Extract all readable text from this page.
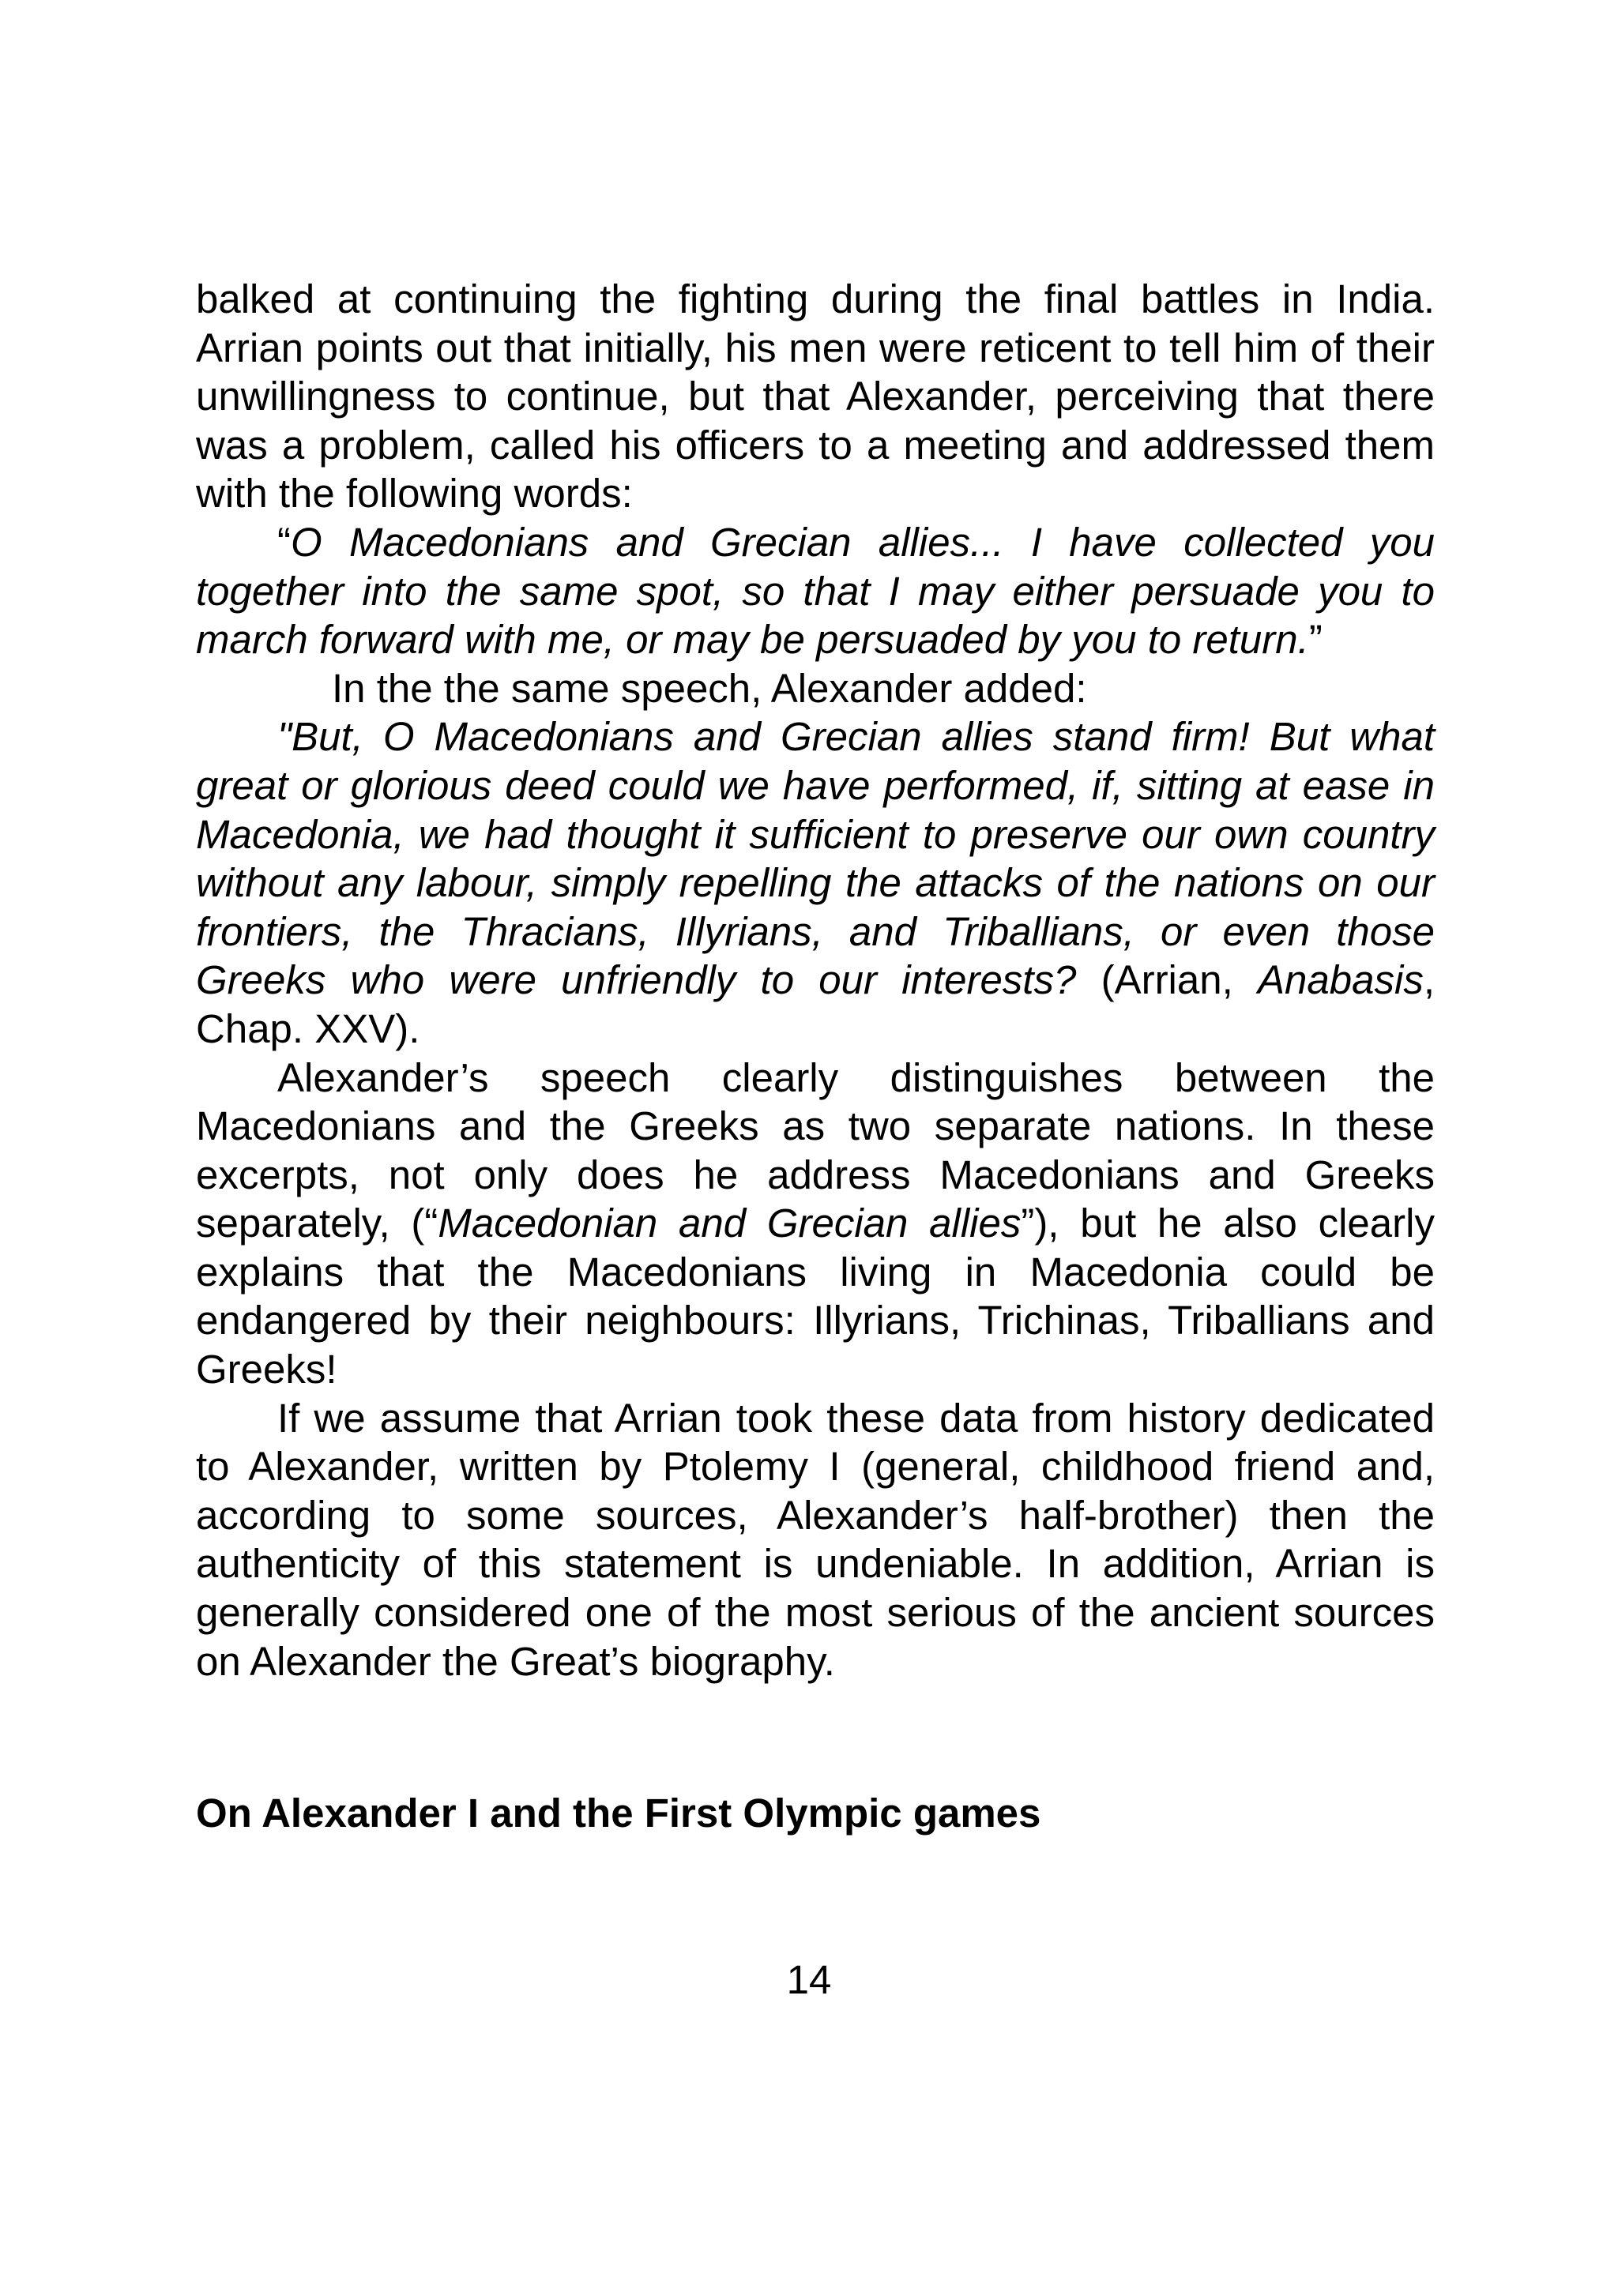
balked at continuing the fighting during the final battles in India. Arrian points out that initially, his men were reticent to tell him of their unwillingness to continue, but that Alexander, perceiving that there was a problem, called his officers to a meeting and addressed them with the following words:

“O Macedonians and Grecian allies... I have collected you together into the same spot, so that I may either persuade you to march forward with me, or may be persuaded by you to return.”

In the the same speech, Alexander added:

"But, O Macedonians and Grecian allies stand firm! But what great or glorious deed could we have performed, if, sitting at ease in Macedonia, we had thought it sufficient to preserve our own country without any labour, simply repelling the attacks of the nations on our frontiers, the Thracians, Illyrians, and Triballians, or even those Greeks who were unfriendly to our interests? (Arrian, Anabasis, Chap. XXV).

Alexander’s speech clearly distinguishes between the Macedonians and the Greeks as two separate nations. In these excerpts, not only does he address Macedonians and Greeks separately, (“Macedonian and Grecian allies”), but he also clearly explains that the Macedonians living in Macedonia could be endangered by their neighbours: Illyrians, Trichinas, Triballians and Greeks!

If we assume that Arrian took these data from history dedicated to Alexander, written by Ptolemy I (general, childhood friend and, according to some sources, Alexander’s half-brother) then the authenticity of this statement is undeniable. In addition, Arrian is generally considered one of the most serious of the ancient sources on Alexander the Great’s biography.

On Alexander I and the First Olympic games

14
